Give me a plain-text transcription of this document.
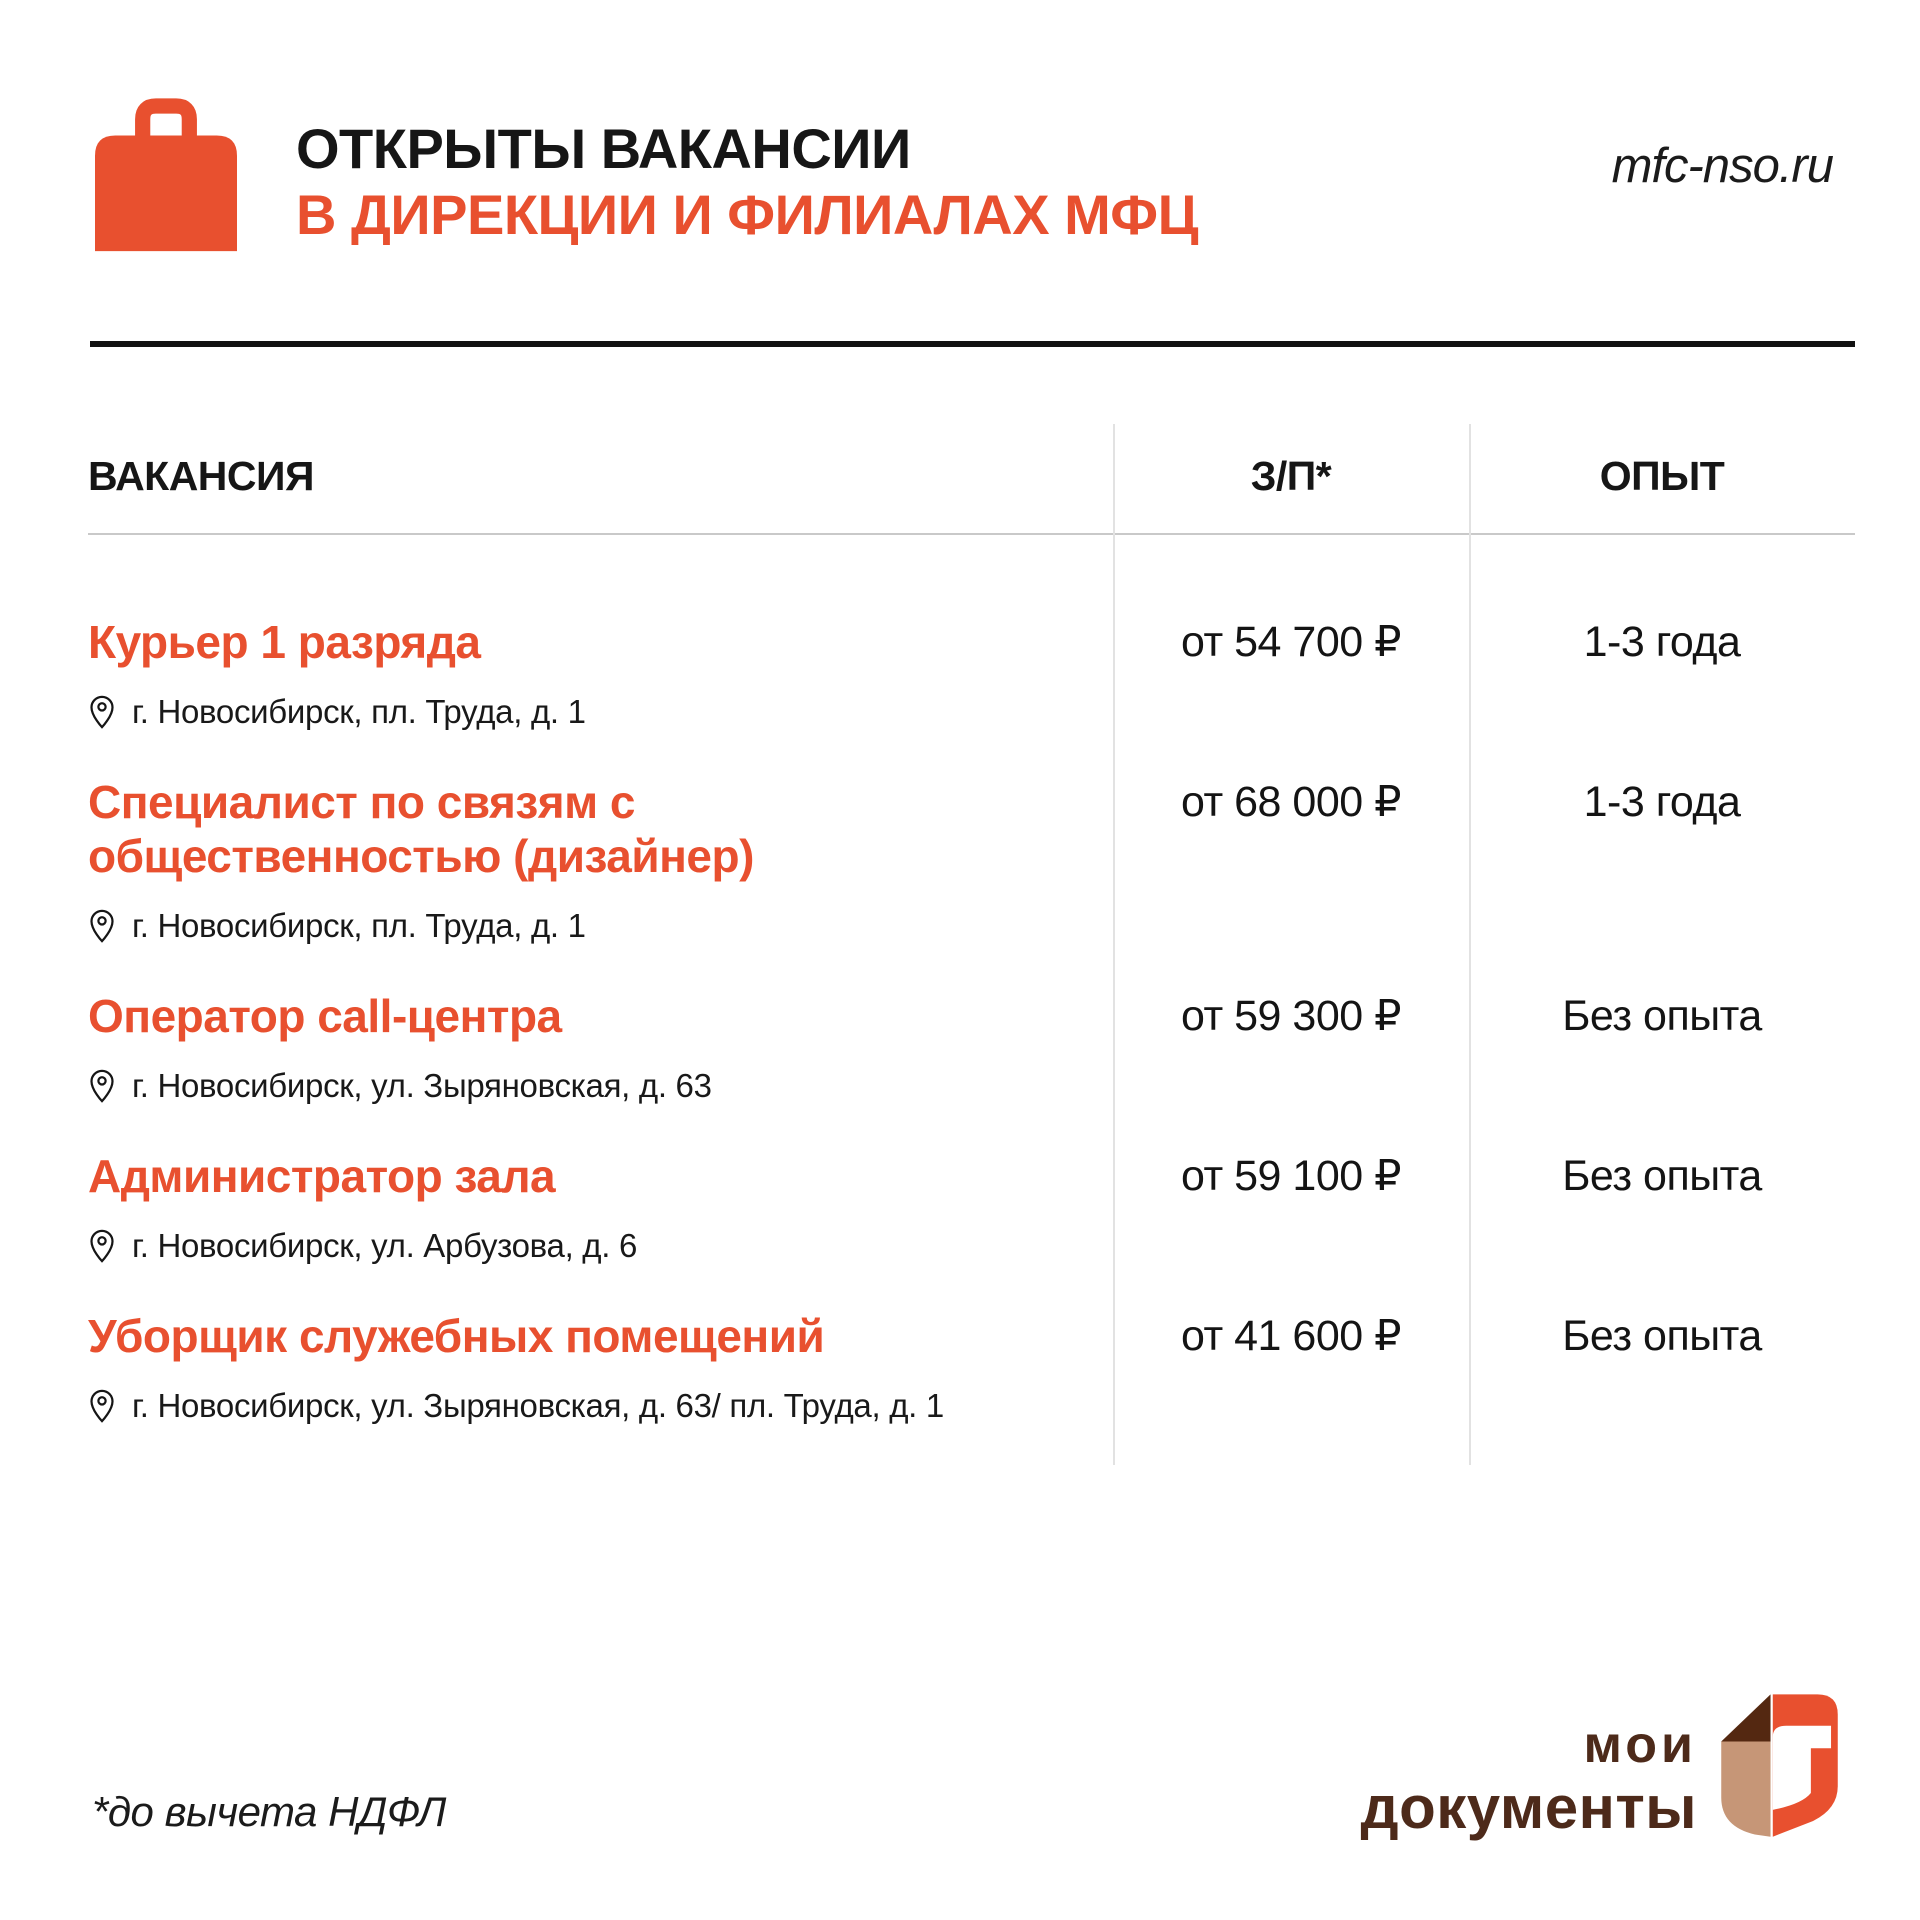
ОТКРЫТЫ ВАКАНСИИ
В ДИРЕКЦИИ И ФИЛИАЛАХ МФЦ
mfc-nso.ru
ВАКАНСИЯ	З/П*	ОПЫТ
Курьер 1 разряда
г. Новосибирск, пл. Труда, д. 1
от 54 700 ₽	1-3 года
Специалист по связям с общественностью (дизайнер)
г. Новосибирск, пл. Труда, д. 1
от 68 000 ₽	1-3 года
Оператор call-центра
г. Новосибирск, ул. Зыряновская, д. 63
от 59 300 ₽	Без опыта
Администратор зала
г. Новосибирск, ул. Арбузова, д. 6
от 59 100 ₽	Без опыта
Уборщик служебных помещений
г. Новосибирск, ул. Зыряновская, д. 63/ пл. Труда, д. 1
от 41 600 ₽	Без опыта
*до вычета НДФЛ
мои
документы
